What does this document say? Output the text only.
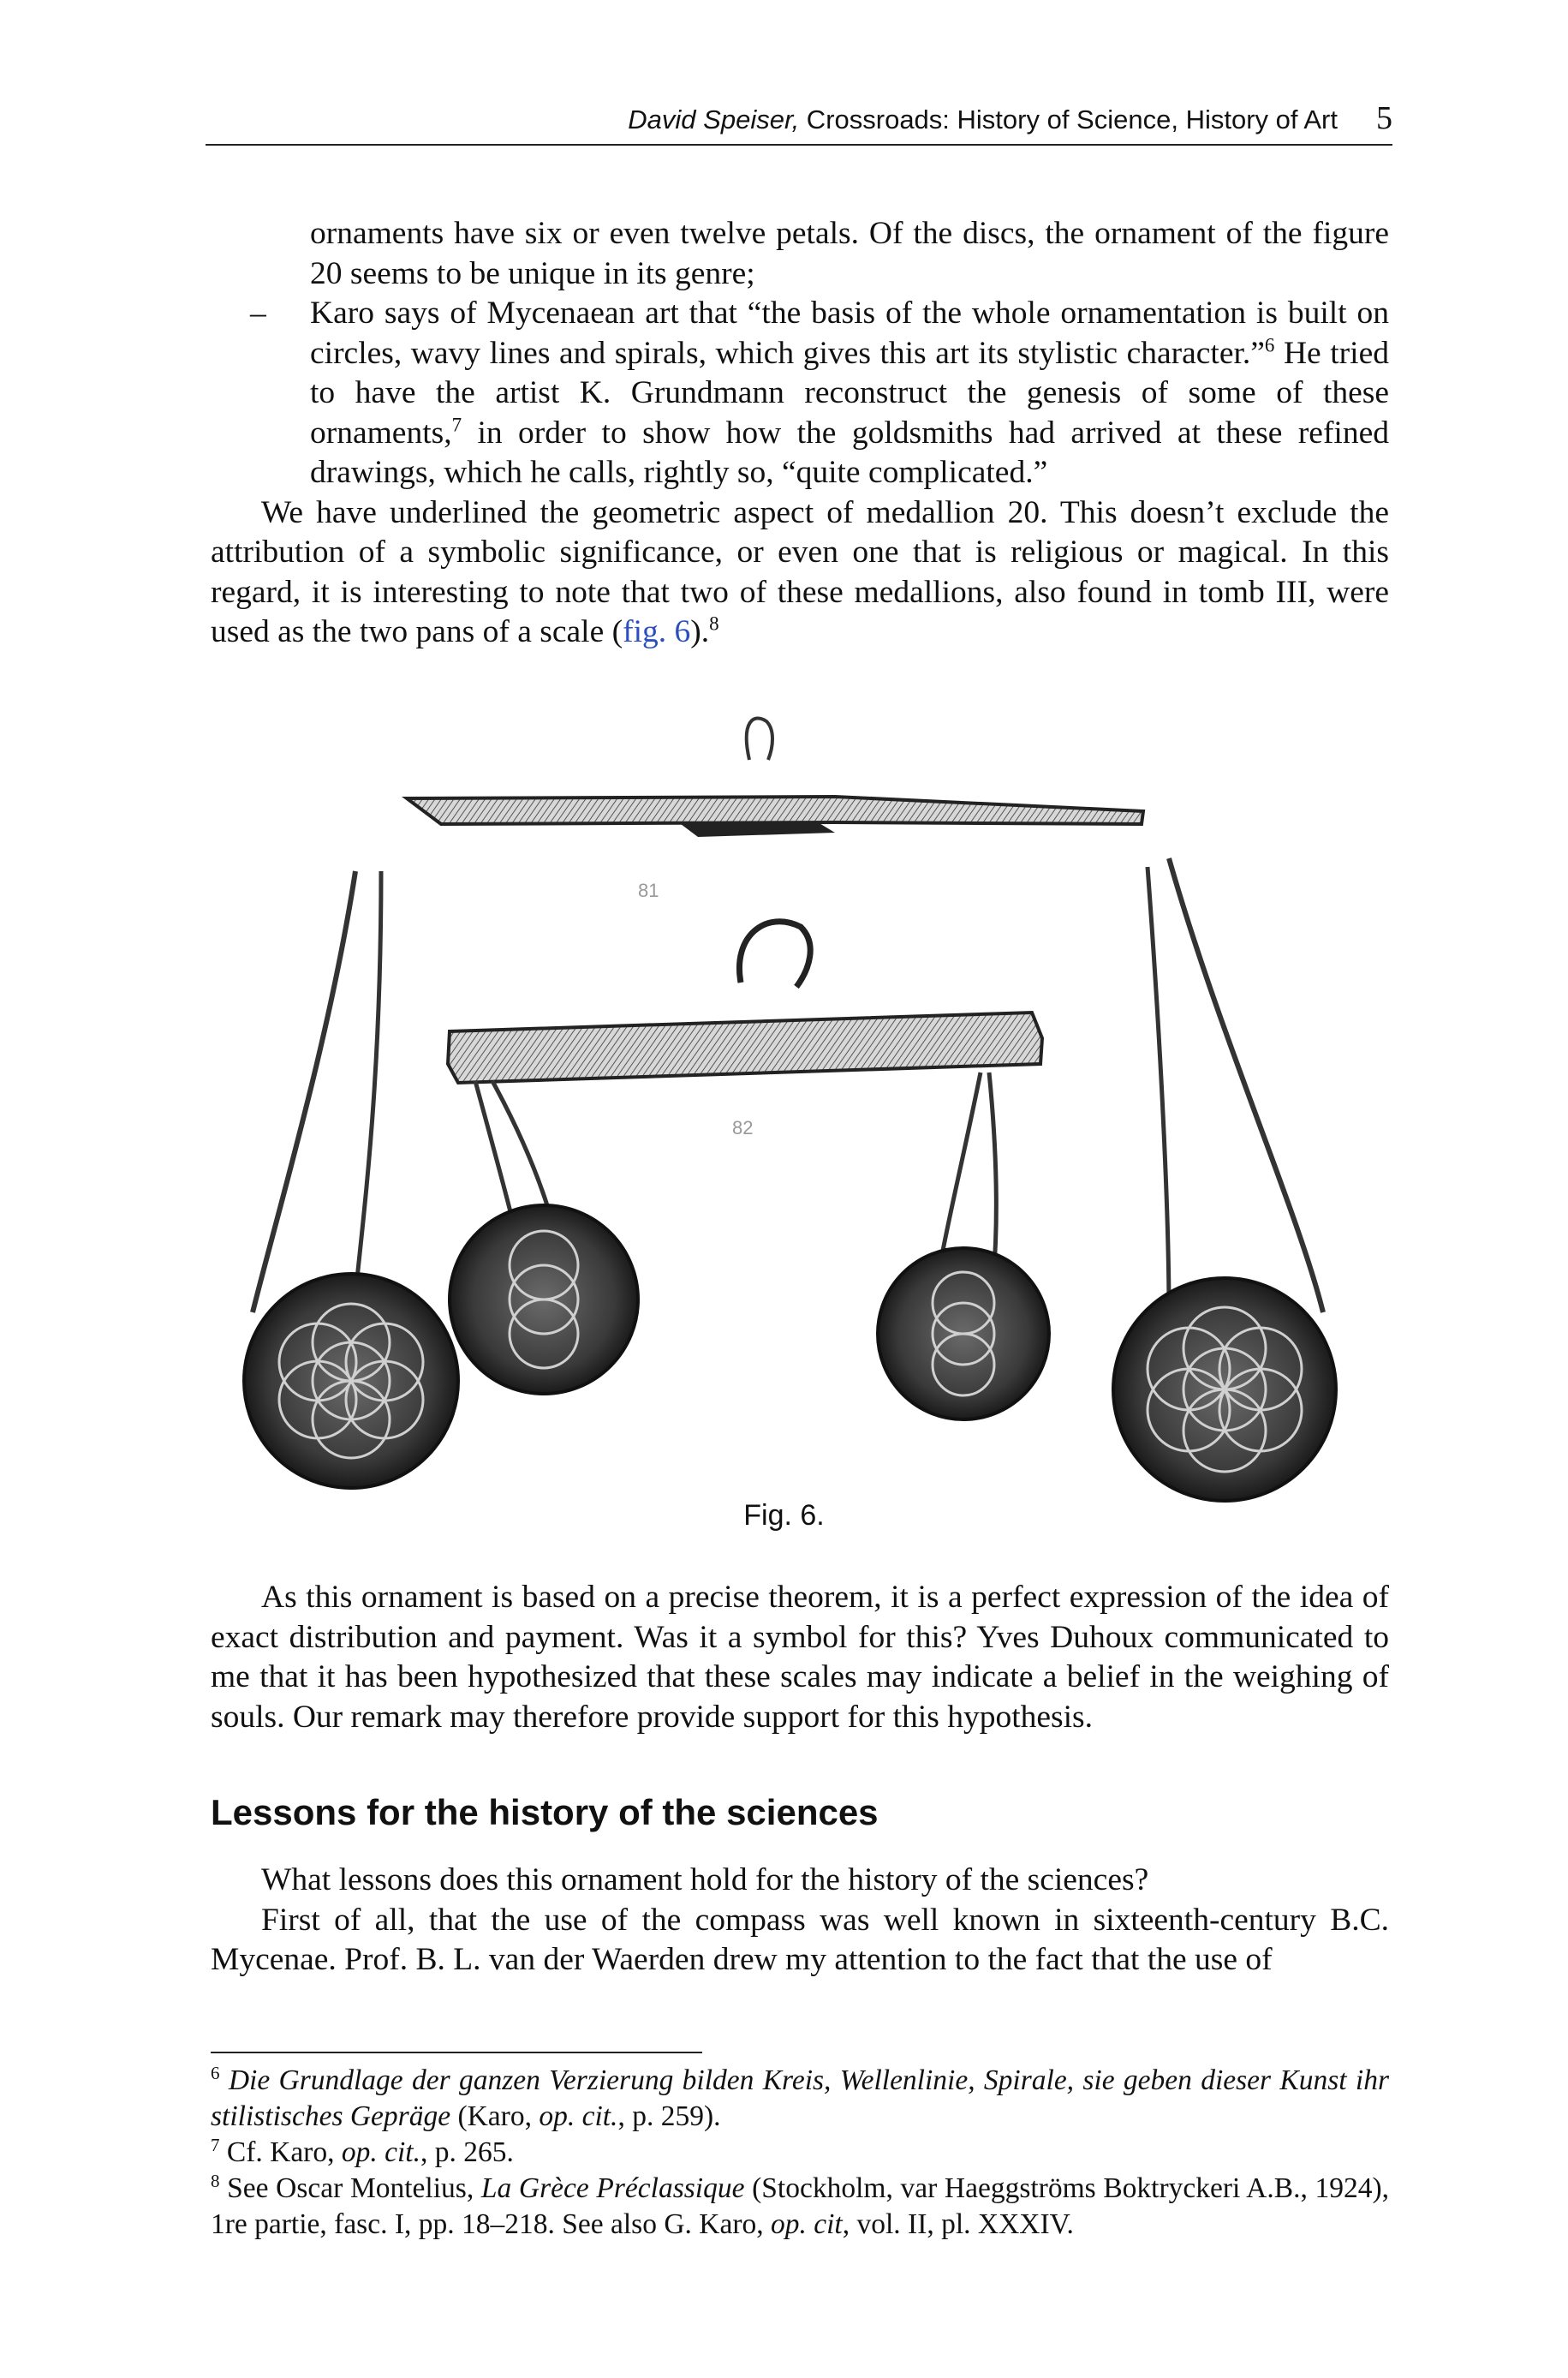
David Speiser, Crossroads: History of Science, History of Art 5

ornaments have six or even twelve petals. Of the discs, the ornament of the figure 20 seems to be unique in its genre;

– Karo says of Mycenaean art that “the basis of the whole ornamentation is built on circles, wavy lines and spirals, which gives this art its stylistic character.”$^6$ He tried to have the artist K. Grundmann reconstruct the genesis of some of these ornaments,$^7$ in order to show how the goldsmiths had arrived at these refined drawings, which he calls, rightly so, “quite complicated.”

We have underlined the geometric aspect of medallion 20. This doesn’t exclude the attribution of a symbolic significance, or even one that is religious or magical. In this regard, it is interesting to note that two of these medallions, also found in tomb III, were used as the two pans of a scale (fig. 6).$^8$

81
82
Fig. 6.

As this ornament is based on a precise theorem, it is a perfect expression of the idea of exact distribution and payment. Was it a symbol for this? Yves Duhoux communicated to me that it has been hypothesized that these scales may indicate a belief in the weighing of souls. Our remark may therefore provide support for this hypothesis.

Lessons for the history of the sciences

What lessons does this ornament hold for the history of the sciences?

First of all, that the use of the compass was well known in sixteenth-century B.C. Mycenae. Prof. B. L. van der Waerden drew my attention to the fact that the use of

$^6$ Die Grundlage der ganzen Verzierung bilden Kreis, Wellenlinie, Spirale, sie geben dieser Kunst ihr stilistisches Gepräge (Karo, op. cit., p. 259).

$^7$ Cf. Karo, op. cit., p. 265.

$^8$ See Oscar Montelius, La Grèce Préclassique (Stockholm, var Haeggströms Boktryckeri A.B., 1924), 1re partie, fasc. I, pp. 18–218. See also G. Karo, op. cit, vol. II, pl. XXXIV.
